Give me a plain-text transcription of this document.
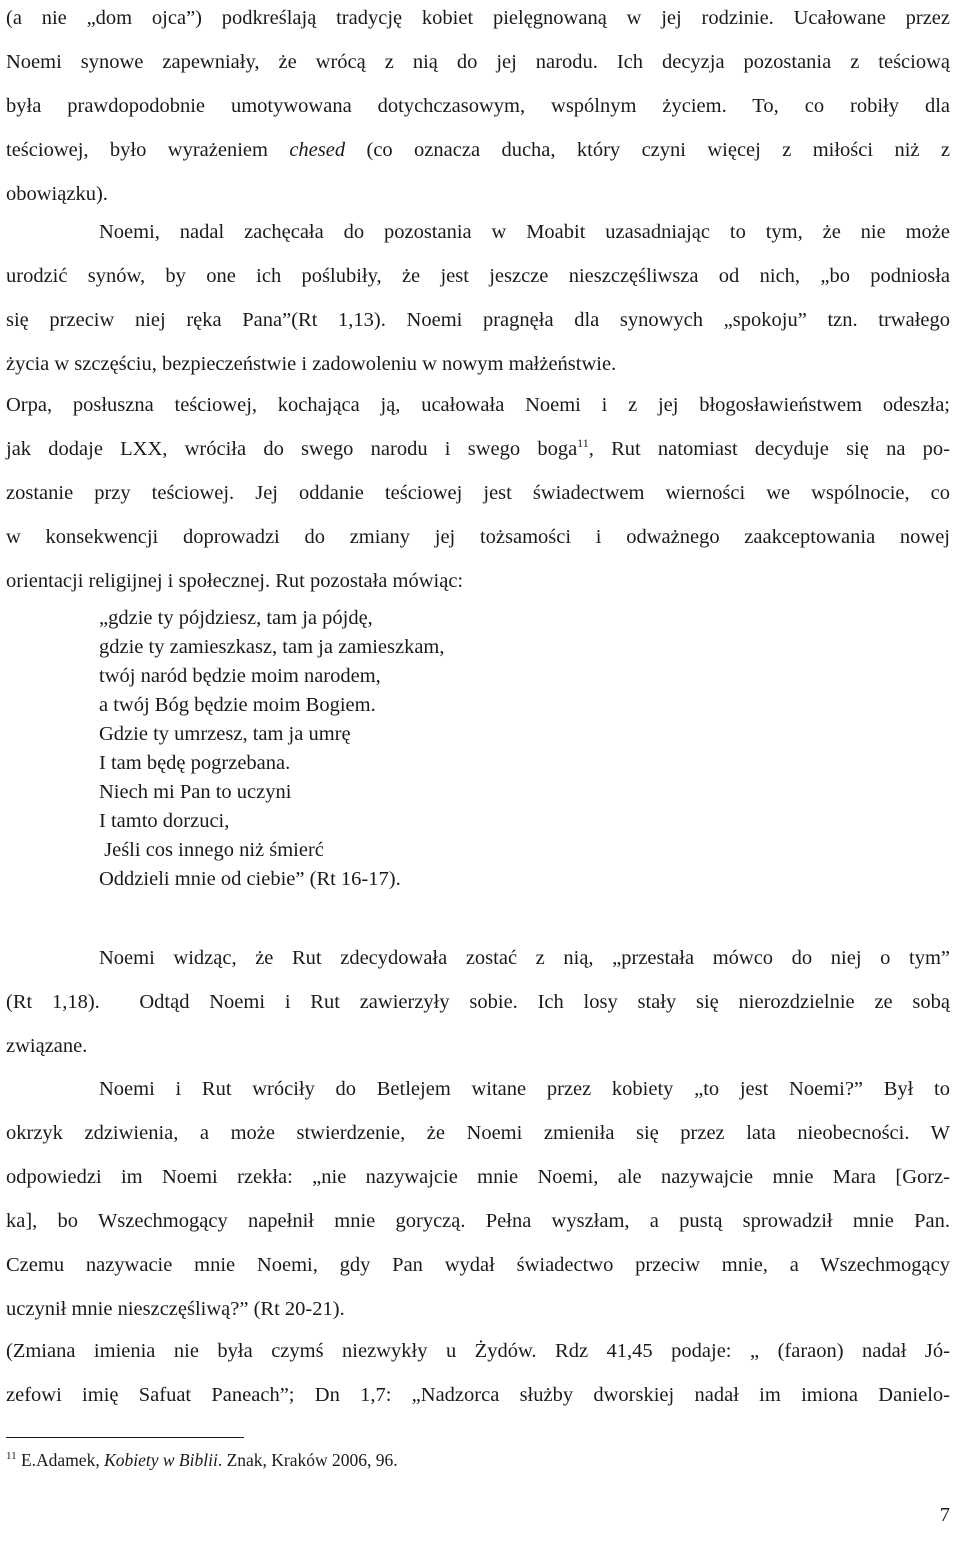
(a nie „dom ojca”) podkreślają tradycję kobiet pielęgnowaną w jej rodzinie. Ucałowane przez
Noemi synowe zapewniały, że wrócą z nią do jej narodu. Ich decyzja pozostania z teściową
była prawdopodobnie umotywowana dotychczasowym, wspólnym życiem. To, co robiły dla
teściowej, było wyrażeniem chesed (co oznacza ducha, który czyni więcej z miłości niż z
obowiązku).
Noemi, nadal zachęcała do pozostania w Moabit uzasadniając to tym, że nie może
urodzić synów, by one ich poślubiły, że jest jeszcze nieszczęśliwsza od nich, „bo podniosła
się przeciw niej ręka Pana”(Rt 1,13). Noemi pragnęła dla synowych „spokoju” tzn. trwałego
życia w szczęściu, bezpieczeństwie i zadowoleniu w nowym małżeństwie.
Orpa, posłuszna teściowej, kochająca ją, ucałowała Noemi i z jej błogosławieństwem odeszła;
jak dodaje LXX, wróciła do swego narodu i swego boga$^{11}$, Rut natomiast decyduje się na po-
zostanie przy teściowej. Jej oddanie teściowej jest świadectwem wierności we wspólnocie, co
w konsekwencji doprowadzi do zmiany jej tożsamości i odważnego zaakceptowania nowej
orientacji religijnej i społecznej. Rut pozostała mówiąc:
„gdzie ty pójdziesz, tam ja pójdę,
gdzie ty zamieszkasz, tam ja zamieszkam,
twój naród będzie moim narodem,
a twój Bóg będzie moim Bogiem.
Gdzie ty umrzesz, tam ja umrę
I tam będę pogrzebana.
Niech mi Pan to uczyni
I tamto dorzuci,
Jeśli cos innego niż śmierć
Oddzieli mnie od ciebie” (Rt 16-17).
Noemi widząc, że Rut zdecydowała zostać z nią, „przestała mówco do niej o tym”
(Rt 1,18).  Odtąd Noemi i Rut zawierzyły sobie. Ich losy stały się nierozdzielnie ze sobą
związane.
Noemi i Rut wróciły do Betlejem witane przez kobiety „to jest Noemi?” Był to
okrzyk zdziwienia, a może stwierdzenie, że Noemi zmieniła się przez lata nieobecności. W
odpowiedzi im Noemi rzekła: „nie nazywajcie mnie Noemi, ale nazywajcie mnie Mara [Gorz-
ka], bo Wszechmogący napełnił mnie goryczą. Pełna wyszłam, a pustą sprowadził mnie Pan.
Czemu nazywacie mnie Noemi, gdy Pan wydał świadectwo przeciw mnie, a Wszechmogący
uczynił mnie nieszczęśliwą?” (Rt 20-21).
(Zmiana imienia nie była czymś niezwykły u Żydów. Rdz 41,45 podaje: „ (faraon) nadał Jó-
zefowi imię Safuat Paneach”; Dn 1,7: „Nadzorca służby dworskiej nadał im imiona Danielo-
$^{11}$ E.Adamek, Kobiety w Biblii. Znak, Kraków 2006, 96.
7
